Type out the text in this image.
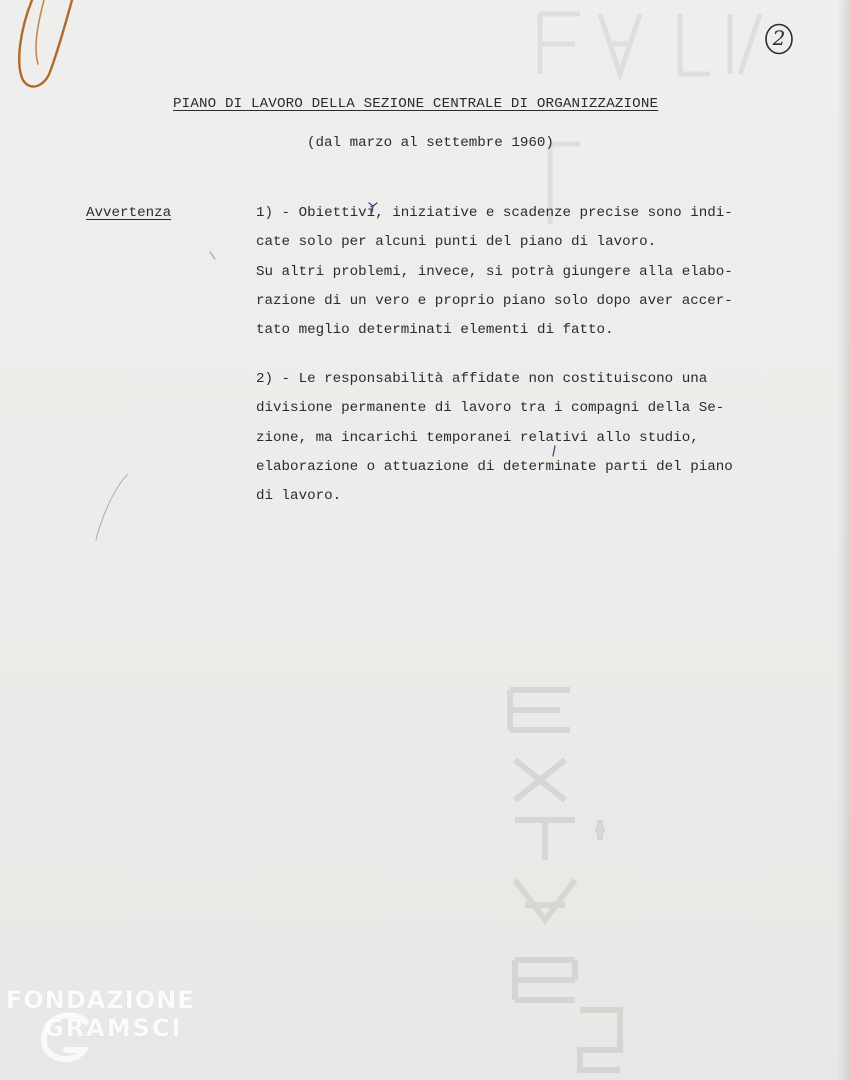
2
PIANO DI LAVORO DELLA SEZIONE CENTRALE DI ORGANIZZAZIONE
(dal marzo al settembre 1960)
Avvertenza	1) - Obiettivi, iniziative e scadenze precise sono indi-
cate solo per alcuni punti del piano di lavoro.
Su altri problemi, invece, si potrà giungere alla elabo-
razione di un vero e proprio piano solo dopo aver accer-
tato meglio determinati elementi di fatto.
2) - Le responsabilità affidate non costituiscono una
divisione permanente di lavoro tra i compagni della Se-
zione, ma incarichi temporanei relativi allo studio,
elaborazione o attuazione di determinate parti del piano
di lavoro.
FONDAZIONE
GRAMSCI
